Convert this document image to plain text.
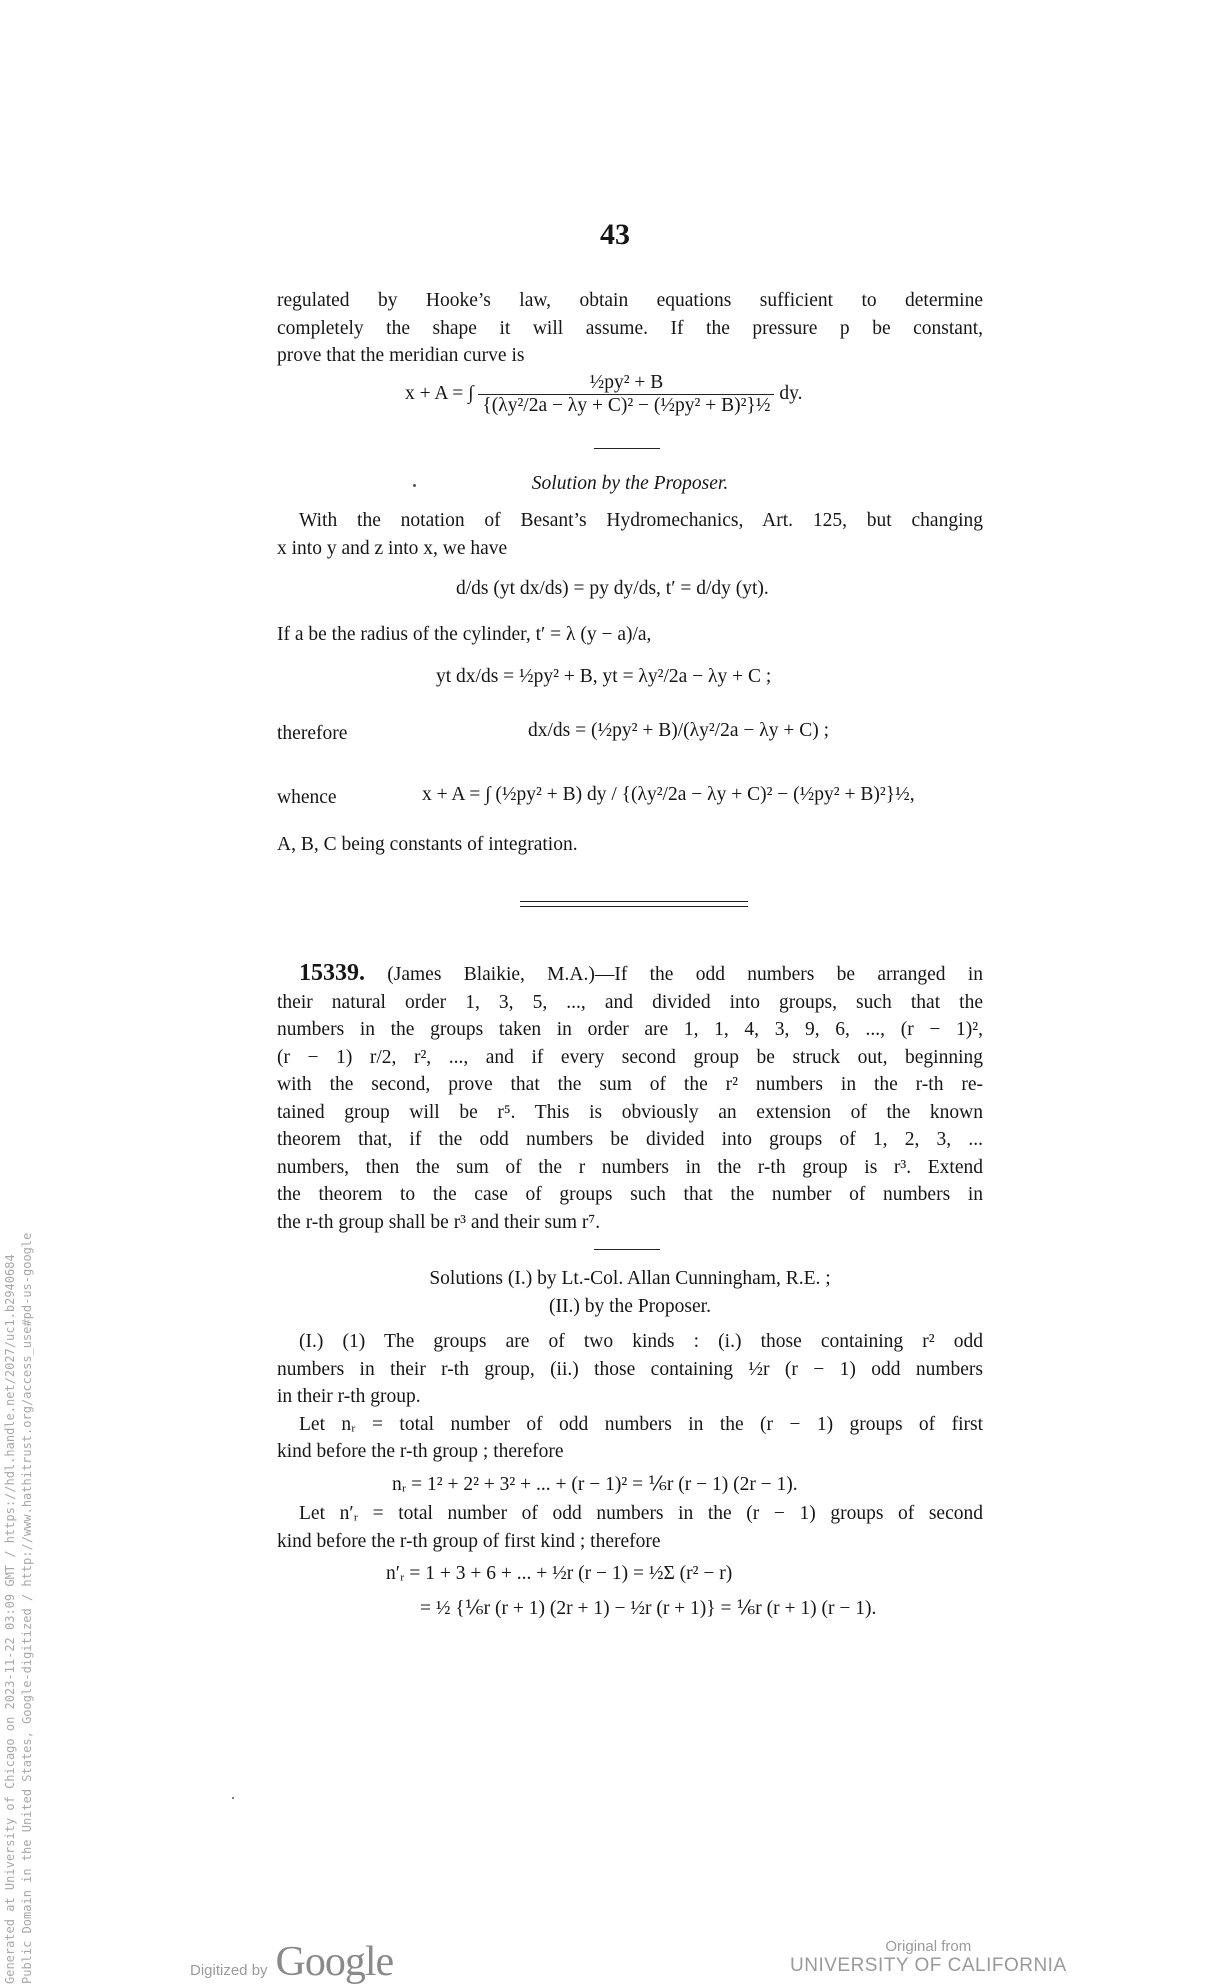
43
regulated by Hooke’s law, obtain equations sufficient to determine
completely the shape it will assume. If the pressure p be constant,
prove that the meridian curve is
x + A = ∫ $\frac{\text{½py² + B}}{\text{\{(λy²/2a − λy + C)² − (½py² + B)²\}½}}$ dy.
Solution by the Proposer.
With the notation of Besant’s Hydromechanics, Art. 125, but changing
x into y and z into x, we have
d/ds (yt dx/ds) = py dy/ds, t′ = d/dy (yt).
If a be the radius of the cylinder, t′ = λ (y − a)/a,
yt dx/ds = ½py² + B, yt = λy²/2a − λy + C ;
therefore	dx/ds = (½py² + B)/(λy²/2a − λy + C) ;
whence	x + A = ∫ (½py² + B) dy / {(λy²/2a − λy + C)² − (½py² + B)²}½,
A, B, C being constants of integration.
15339. (James Blaikie, M.A.)—If the odd numbers be arranged in
their natural order 1, 3, 5, ..., and divided into groups, such that the
numbers in the groups taken in order are 1, 1, 4, 3, 9, 6, ..., (r − 1)²,
(r − 1) r/2, r², ..., and if every second group be struck out, beginning
with the second, prove that the sum of the r² numbers in the r-th re-
tained group will be r⁵. This is obviously an extension of the known
theorem that, if the odd numbers be divided into groups of 1, 2, 3, ...
numbers, then the sum of the r numbers in the r-th group is r³. Extend
the theorem to the case of groups such that the number of numbers in
the r-th group shall be r³ and their sum r⁷.
Solutions (I.) by Lt.-Col. Allan Cunningham, R.E. ;
(II.) by the Proposer.
(I.) (1) The groups are of two kinds : (i.) those containing r² odd
numbers in their r-th group, (ii.) those containing ½r (r − 1) odd numbers
in their r-th group.
Let nᵣ = total number of odd numbers in the (r − 1) groups of first
kind before the r-th group ; therefore
nᵣ = 1² + 2² + 3² + ... + (r − 1)² = ⅙r (r − 1) (2r − 1).
Let n′ᵣ = total number of odd numbers in the (r − 1) groups of second
kind before the r-th group of first kind ; therefore
n′ᵣ = 1 + 3 + 6 + ... + ½r (r − 1) = ½Σ (r² − r)
= ½ {⅙r (r + 1) (2r + 1) − ½r (r + 1)} = ⅙r (r + 1) (r − 1).
Generated at University of Chicago on 2023-11-22 03:09 GMT / https://hdl.handle.net/2027/uc1.b2940684 Public Domain in the United States, Google-digitized / http://www.hathitrust.org/access_use#pd-us-google	Digitized by Google	Original from
UNIVERSITY OF CALIFORNIA
